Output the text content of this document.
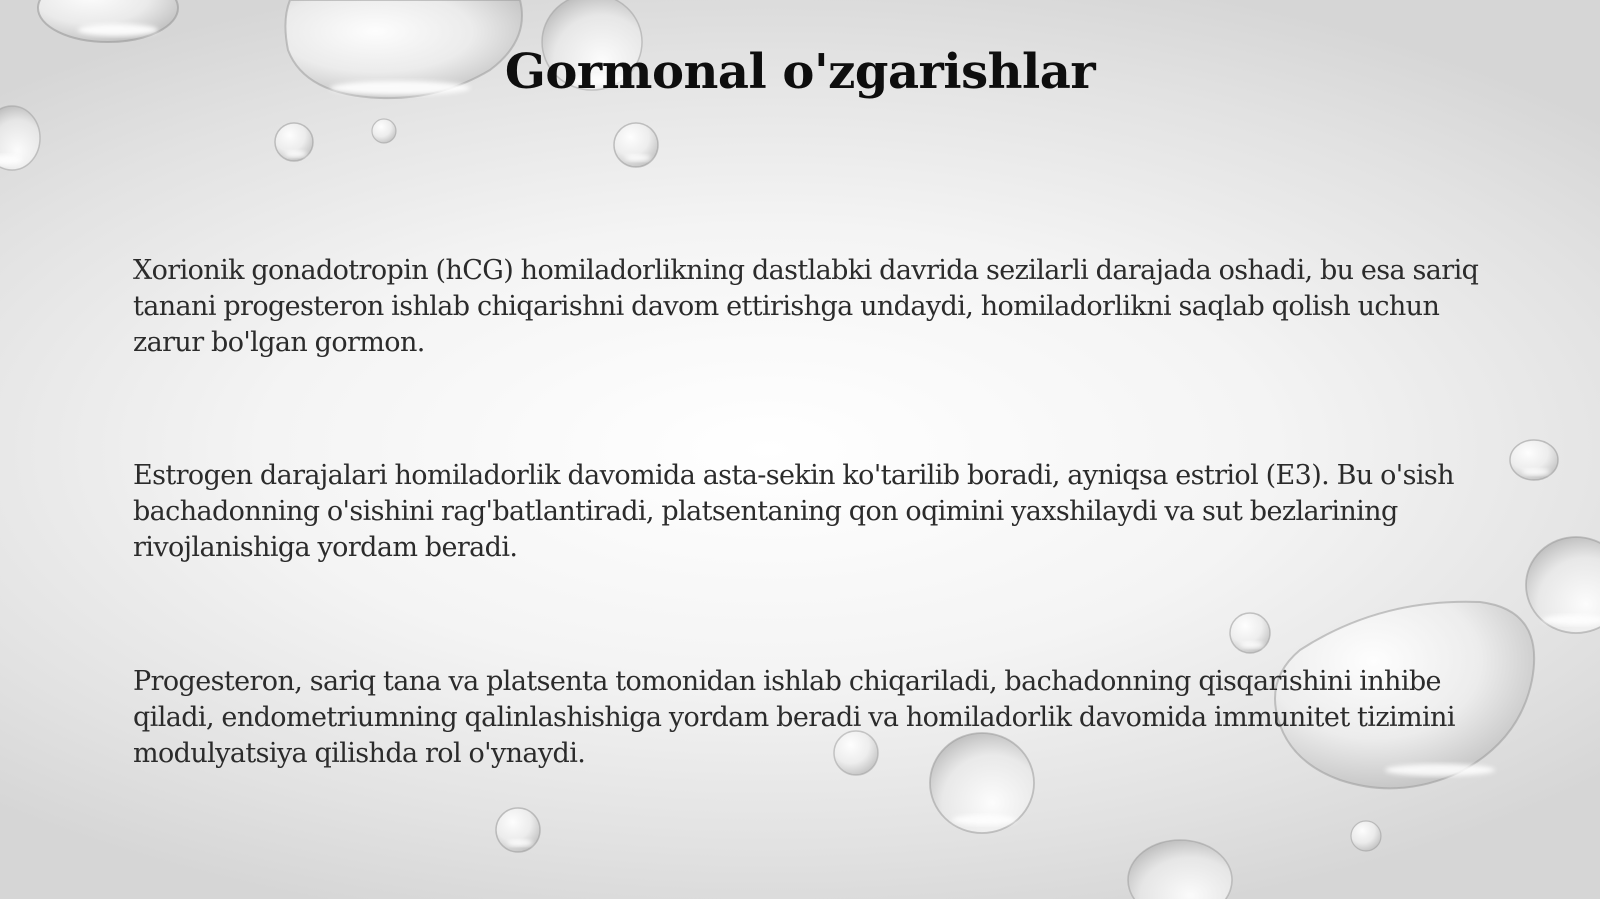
Gormonal o'zgarishlar

Xorionik gonadotropin (hCG) homiladorlikning dastlabki davrida sezilarli darajada oshadi, bu esa sariq tanani progesteron ishlab chiqarishni davom ettirishga undaydi, homiladorlikni saqlab qolish uchun zarur bo'lgan gormon.

Estrogen darajalari homiladorlik davomida asta-sekin ko'tarilib boradi, ayniqsa estriol (E3). Bu o'sish bachadonning o'sishini rag'batlantiradi, platsentaning qon oqimini yaxshilaydi va sut bezlarining rivojlanishiga yordam beradi.

Progesteron, sariq tana va platsenta tomonidan ishlab chiqariladi, bachadonning qisqarishini inhibe qiladi, endometriumning qalinlashishiga yordam beradi va homiladorlik davomida immunitet tizimini modulyatsiya qilishda rol o'ynaydi.
